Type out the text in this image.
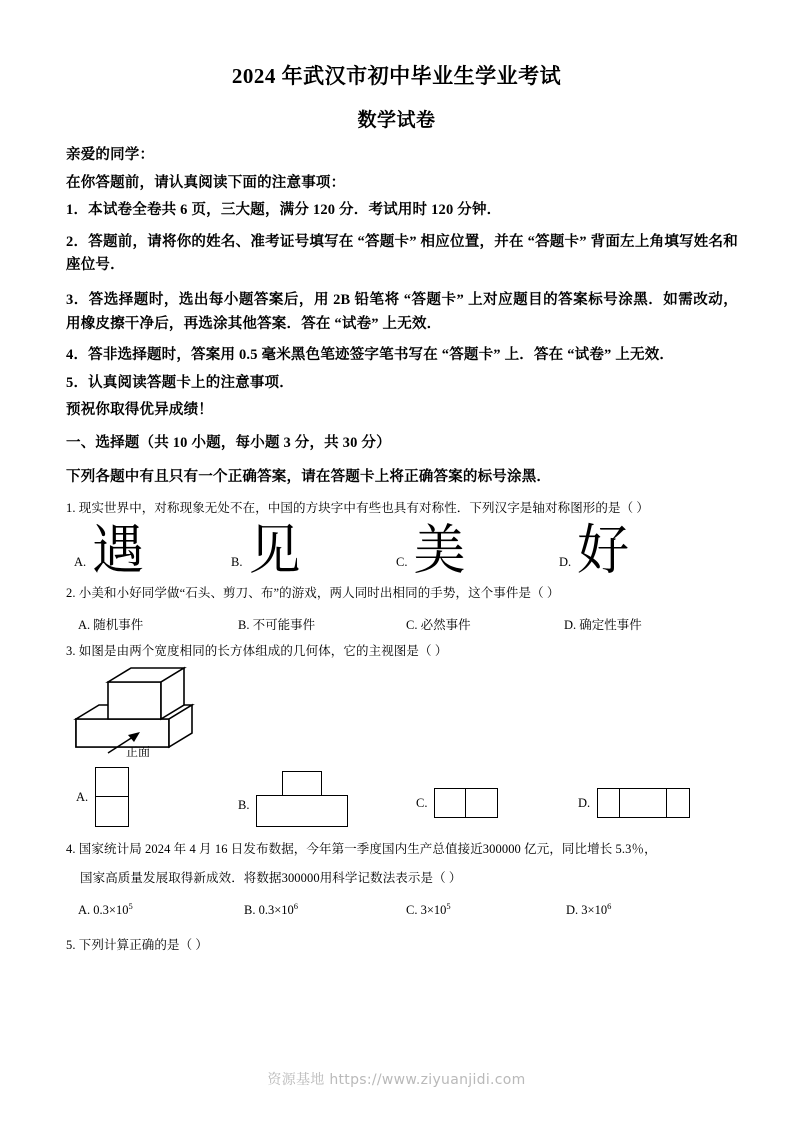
2024 年武汉市初中毕业生学业考试
数学试卷
亲爱的同学：
在你答题前，请认真阅读下面的注意事项：
1．本试卷全卷共 6 页，三大题，满分 120 分．考试用时 120 分钟．
2．答题前，请将你的姓名、准考证号填写在 “答题卡” 相应位置，并在 “答题卡” 背面左上角填写姓名和座位号．
3．答选择题时，选出每小题答案后，用 2B 铅笔将 “答题卡” 上对应题目的答案标号涂黑．如需改动，用橡皮擦干净后，再选涂其他答案．答在 “试卷” 上无效．
4．答非选择题时，答案用 0.5 毫米黑色笔迹签字笔书写在 “答题卡” 上．答在 “试卷” 上无效．
5．认真阅读答题卡上的注意事项．
预祝你取得优异成绩！
一、选择题（共 10 小题，每小题 3 分，共 30 分）
下列各题中有且只有一个正确答案，请在答题卡上将正确答案的标号涂黑．
1. 现实世界中，对称现象无处不在，中国的方块字中有些也具有对称性．下列汉字是轴对称图形的是（ ）
A. 遇	B. 见	C. 美	D. 好
2. 小美和小好同学做“石头、剪刀、布”的游戏，两人同时出相同的手势，这个事件是（ ）
A. 随机事件	B. 不可能事件	C. 必然事件	D. 确定性事件
3. 如图是由两个宽度相同的长方体组成的几何体，它的主视图是（ ）
正面
A.
B.	C.	D.
4. 国家统计局 2024 年 4 月 16 日发布数据，今年第一季度国内生产总值接近300000 亿元，同比增长 5.3％，
国家高质量发展取得新成效．将数据300000用科学记数法表示是（ ）
A. $0.3\times 10^5$	B. $0.3\times 10^6$	C. $3\times 10^5$	D. $3\times 10^6$
5. 下列计算正确的是（ ）
资源基地 https://www.ziyuanjidi.com
